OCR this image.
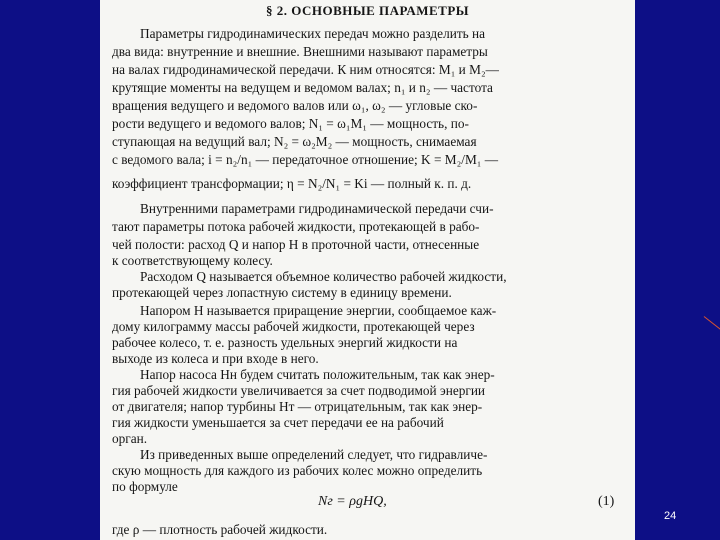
§ 2. ОСНОВНЫЕ ПАРАМЕТРЫ
Параметры гидродинамических передач можно разделить на
два вида: внутренние и внешние. Внешними называют параметры
на валах гидродинамической передачи. К ним относятся: M₁ и M₂—
крутящие моменты на ведущем и ведомом валах; n₁ и n₂ — частота
вращения ведущего и ведомого валов или ω₁, ω₂ — угловые ско-
рости ведущего и ведомого валов; N₁ = ω₁M₁ — мощность, по-
ступающая на ведущий вал; N₂ = ω₂M₂ — мощность, снимаемая
с ведомого вала; i = n₂/n₁ — передаточное отношение; K = M₂/M₁ —
коэффициент трансформации; η = N₂/N₁ = Ki — полный к. п. д.
Внутренними параметрами гидродинамической передачи счи-
тают параметры потока рабочей жидкости, протекающей в рабо-
чей полости: расход Q и напор H в проточной части, отнесенные
к соответствующему колесу.
Расходом Q называется объемное количество рабочей жидкости,
протекающей через лопастную систему в единицу времени.
Напором H называется приращение энергии, сообщаемое каж-
дому килограмму массы рабочей жидкости, протекающей через
рабочее колесо, т. е. разность удельных энергий жидкости на
выходе из колеса и при входе в него.
Напор насоса Hн будем считать положительным, так как энер-
гия рабочей жидкости увеличивается за счет подводимой энергии
от двигателя; напор турбины Hт — отрицательным, так как энер-
гия жидкости уменьшается за счет передачи ее на рабочий
орган.
Из приведенных выше определений следует, что гидравличе-
скую мощность для каждого из рабочих колес можно определить
по формуле
Nг = ρgHQ,	(1)
где ρ — плотность рабочей жидкости.
24
